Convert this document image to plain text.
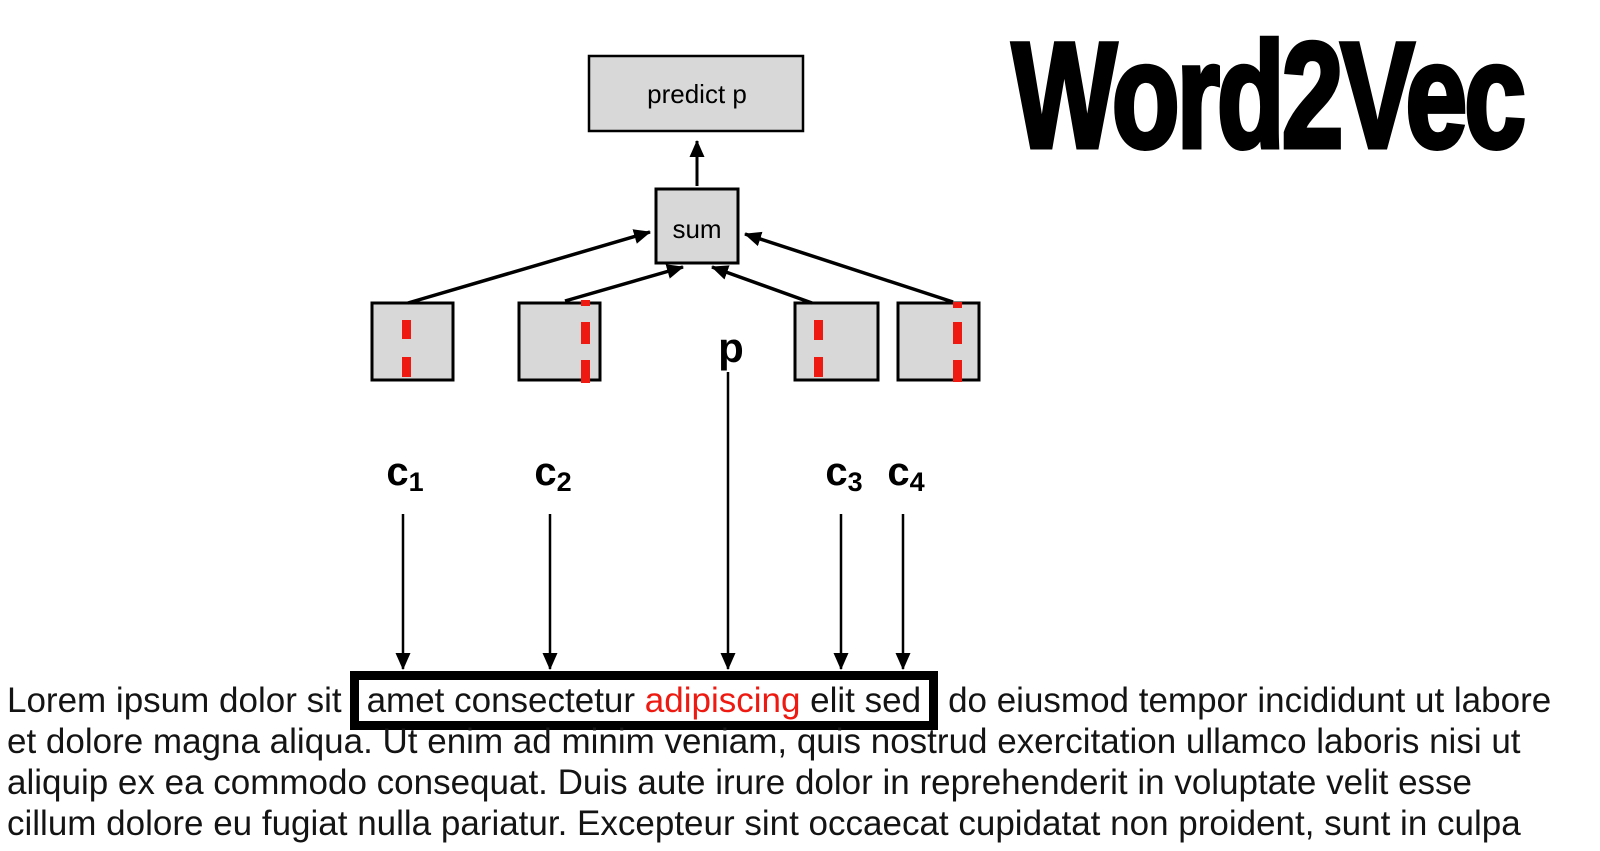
predict p
sum
p
Word2Vec
$c_1$	$c_2$	$c_3$ $c_4$
Lorem ipsum dolor sit amet consectetur adipiscing elit sed do eiusmod tempor incididunt ut labore
et dolore magna aliqua. Ut enim ad minim veniam, quis nostrud exercitation ullamco laboris nisi ut
aliquip ex ea commodo consequat. Duis aute irure dolor in reprehenderit in voluptate velit esse
cillum dolore eu fugiat nulla pariatur. Excepteur sint occaecat cupidatat non proident, sunt in culpa
